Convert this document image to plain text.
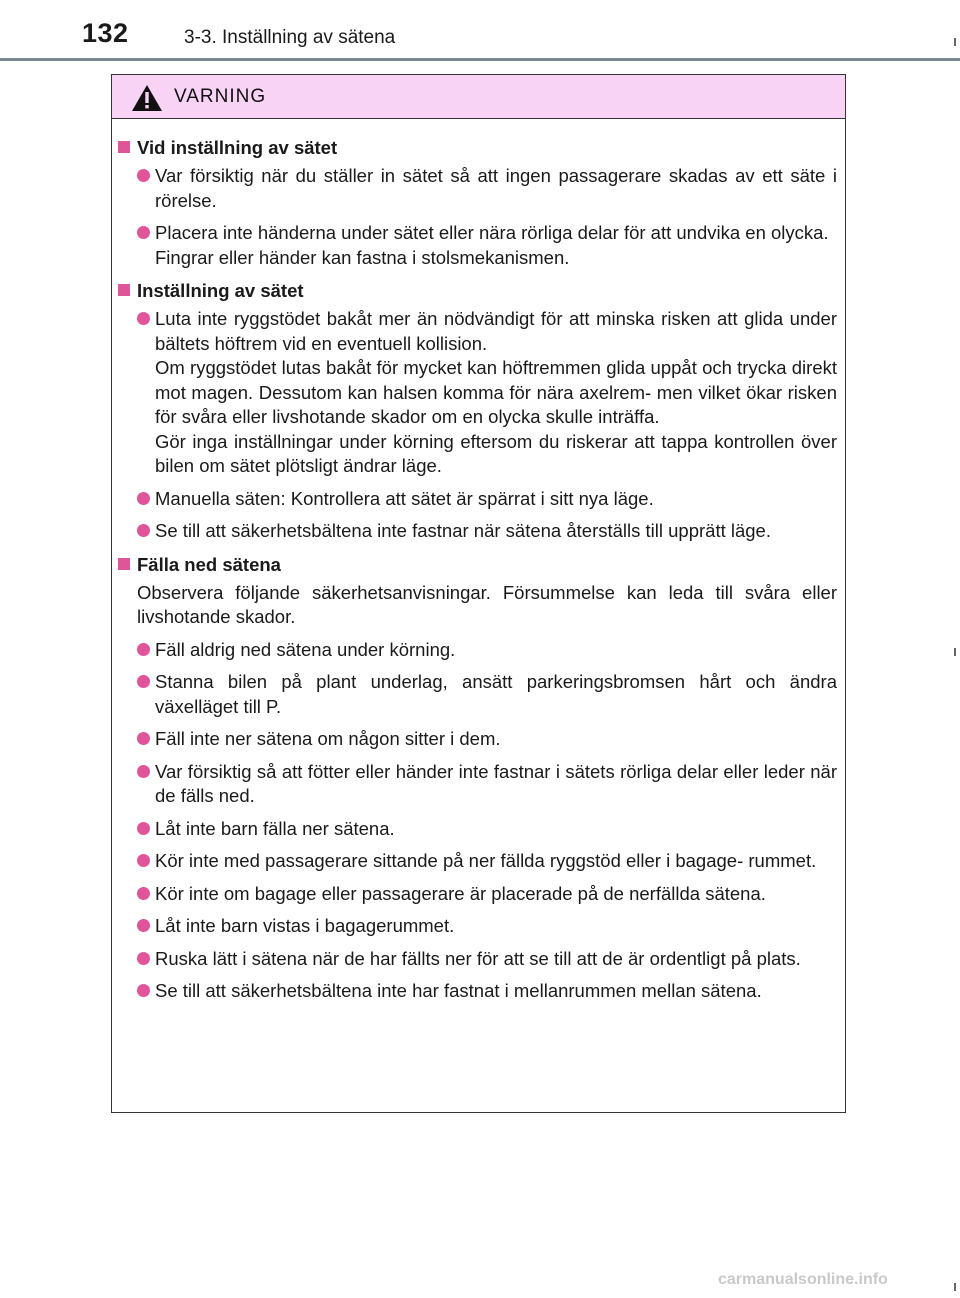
132	3-3. Inställning av sätena
VARNING
Vid inställning av sätet
Var försiktig när du ställer in sätet så att ingen passagerare skadas av ett säte i rörelse.
Placera inte händerna under sätet eller nära rörliga delar för att undvika en olycka.
Fingrar eller händer kan fastna i stolsmekanismen.
Inställning av sätet
Luta inte ryggstödet bakåt mer än nödvändigt för att minska risken att glida under bältets höftrem vid en eventuell kollision.
Om ryggstödet lutas bakåt för mycket kan höftremmen glida uppåt och trycka direkt mot magen. Dessutom kan halsen komma för nära axelrem- men vilket ökar risken för svåra eller livshotande skador om en olycka skulle inträffa.
Gör inga inställningar under körning eftersom du riskerar att tappa kontrollen över bilen om sätet plötsligt ändrar läge.
Manuella säten: Kontrollera att sätet är spärrat i sitt nya läge.
Se till att säkerhetsbältena inte fastnar när sätena återställs till upprätt läge.
Fälla ned sätena

Observera följande säkerhetsanvisningar. Försummelse kan leda till svåra eller livshotande skador.

Fäll aldrig ned sätena under körning.
Stanna bilen på plant underlag, ansätt parkeringsbromsen hårt och ändra växelläget till P.
Fäll inte ner sätena om någon sitter i dem.
Var försiktig så att fötter eller händer inte fastnar i sätets rörliga delar eller leder när de fälls ned.
Låt inte barn fälla ner sätena.
Kör inte med passagerare sittande på ner fällda ryggstöd eller i bagage- rummet.
Kör inte om bagage eller passagerare är placerade på de nerfällda sätena.
Låt inte barn vistas i bagagerummet.
Ruska lätt i sätena när de har fällts ner för att se till att de är ordentligt på plats.
Se till att säkerhetsbältena inte har fastnat i mellanrummen mellan sätena.
carmanualsonline.info
